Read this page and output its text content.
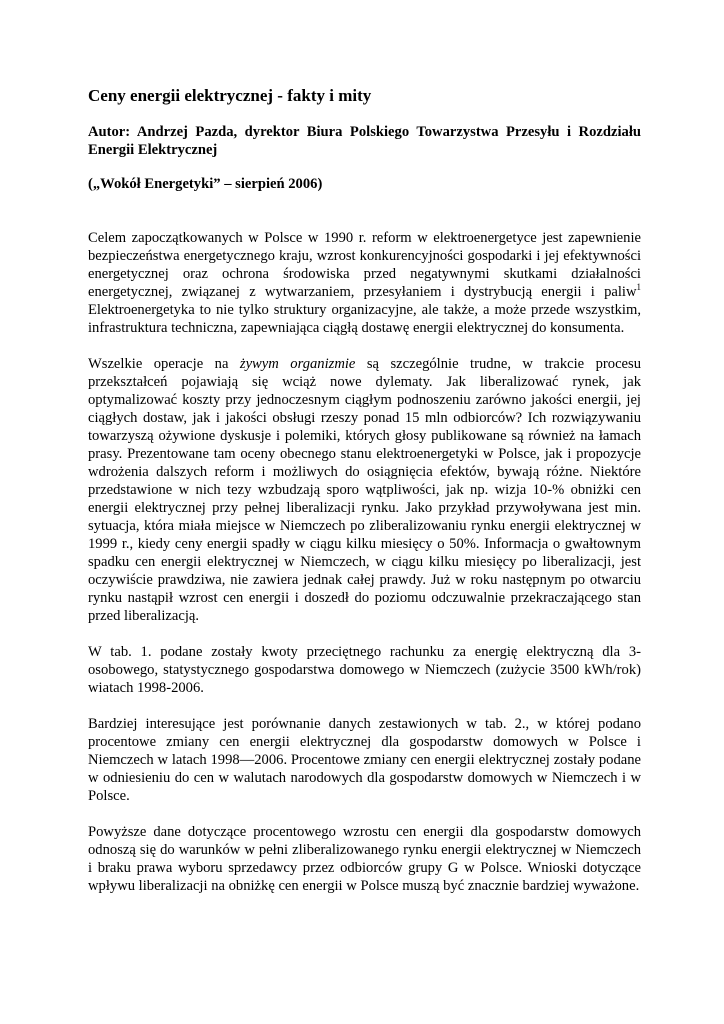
Ceny energii elektrycznej - fakty i mity

Autor: Andrzej Pazda, dyrektor Biura Polskiego Towarzystwa Przesyłu i Rozdziału Energii Elektrycznej

(„Wokół Energetyki” – sierpień 2006)

Celem zapoczątkowanych w Polsce w 1990 r. reform w elektroenergetyce jest zapewnienie bezpieczeństwa energetycznego kraju, wzrost konkurencyjności gospodarki i jej efektywności energetycznej oraz ochrona środowiska przed negatywnymi skutkami działalności energetycznej, związanej z wytwarzaniem, przesyłaniem i dystrybucją energii i paliw$^1$ Elektroenergetyka to nie tylko struktury organizacyjne, ale także, a może przede wszystkim, infrastruktura techniczna, zapewniająca ciągłą dostawę energii elektrycznej do konsumenta.

Wszelkie operacje na żywym organizmie są szczególnie trudne, w trakcie procesu przekształceń pojawiają się wciąż nowe dylematy. Jak liberalizować rynek, jak optymalizować koszty przy jednoczesnym ciągłym podnoszeniu zarówno jakości energii, jej ciągłych dostaw, jak i jakości obsługi rzeszy ponad 15 mln odbiorców? Ich rozwiązywaniu towarzyszą ożywione dyskusje i polemiki, których głosy publikowane są również na łamach prasy. Prezentowane tam oceny obecnego stanu elektroenergetyki w Polsce, jak i propozycje wdrożenia dalszych reform i możliwych do osiągnięcia efektów, bywają różne. Niektóre przedstawione w nich tezy wzbudzają sporo wątpliwości, jak np. wizja 10-% obniżki cen energii elektrycznej przy pełnej liberalizacji rynku. Jako przykład przywoływana jest min. sytuacja, która miała miejsce w Niemczech po zliberalizowaniu rynku energii elektrycznej w 1999 r., kiedy ceny energii spadły w ciągu kilku miesięcy o 50%. Informacja o gwałtownym spadku cen energii elektrycznej w Niemczech, w ciągu kilku miesięcy po liberalizacji, jest oczywiście prawdziwa, nie zawiera jednak całej prawdy. Już w roku następnym po otwarciu rynku nastąpił wzrost cen energii i doszedł do poziomu odczuwalnie przekraczającego stan przed liberalizacją.

W tab. 1. podane zostały kwoty przeciętnego rachunku za energię elektryczną dla 3-osobowego, statystycznego gospodarstwa domowego w Niemczech (zużycie 3500 kWh/rok) wiatach 1998-2006.

Bardziej interesujące jest porównanie danych zestawionych w tab. 2., w której podano procentowe zmiany cen energii elektrycznej dla gospodarstw domowych w Polsce i Niemczech w latach 1998—2006. Procentowe zmiany cen energii elektrycznej zostały podane w odniesieniu do cen w walutach narodowych dla gospodarstw domowych w Niemczech i w Polsce.

Powyższe dane dotyczące procentowego wzrostu cen energii dla gospodarstw domowych odnoszą się do warunków w pełni zliberalizowanego rynku energii elektrycznej w Niemczech i braku prawa wyboru sprzedawcy przez odbiorców grupy G w Polsce. Wnioski dotyczące wpływu liberalizacji na obniżkę cen energii w Polsce muszą być znacznie bardziej wyważone.
